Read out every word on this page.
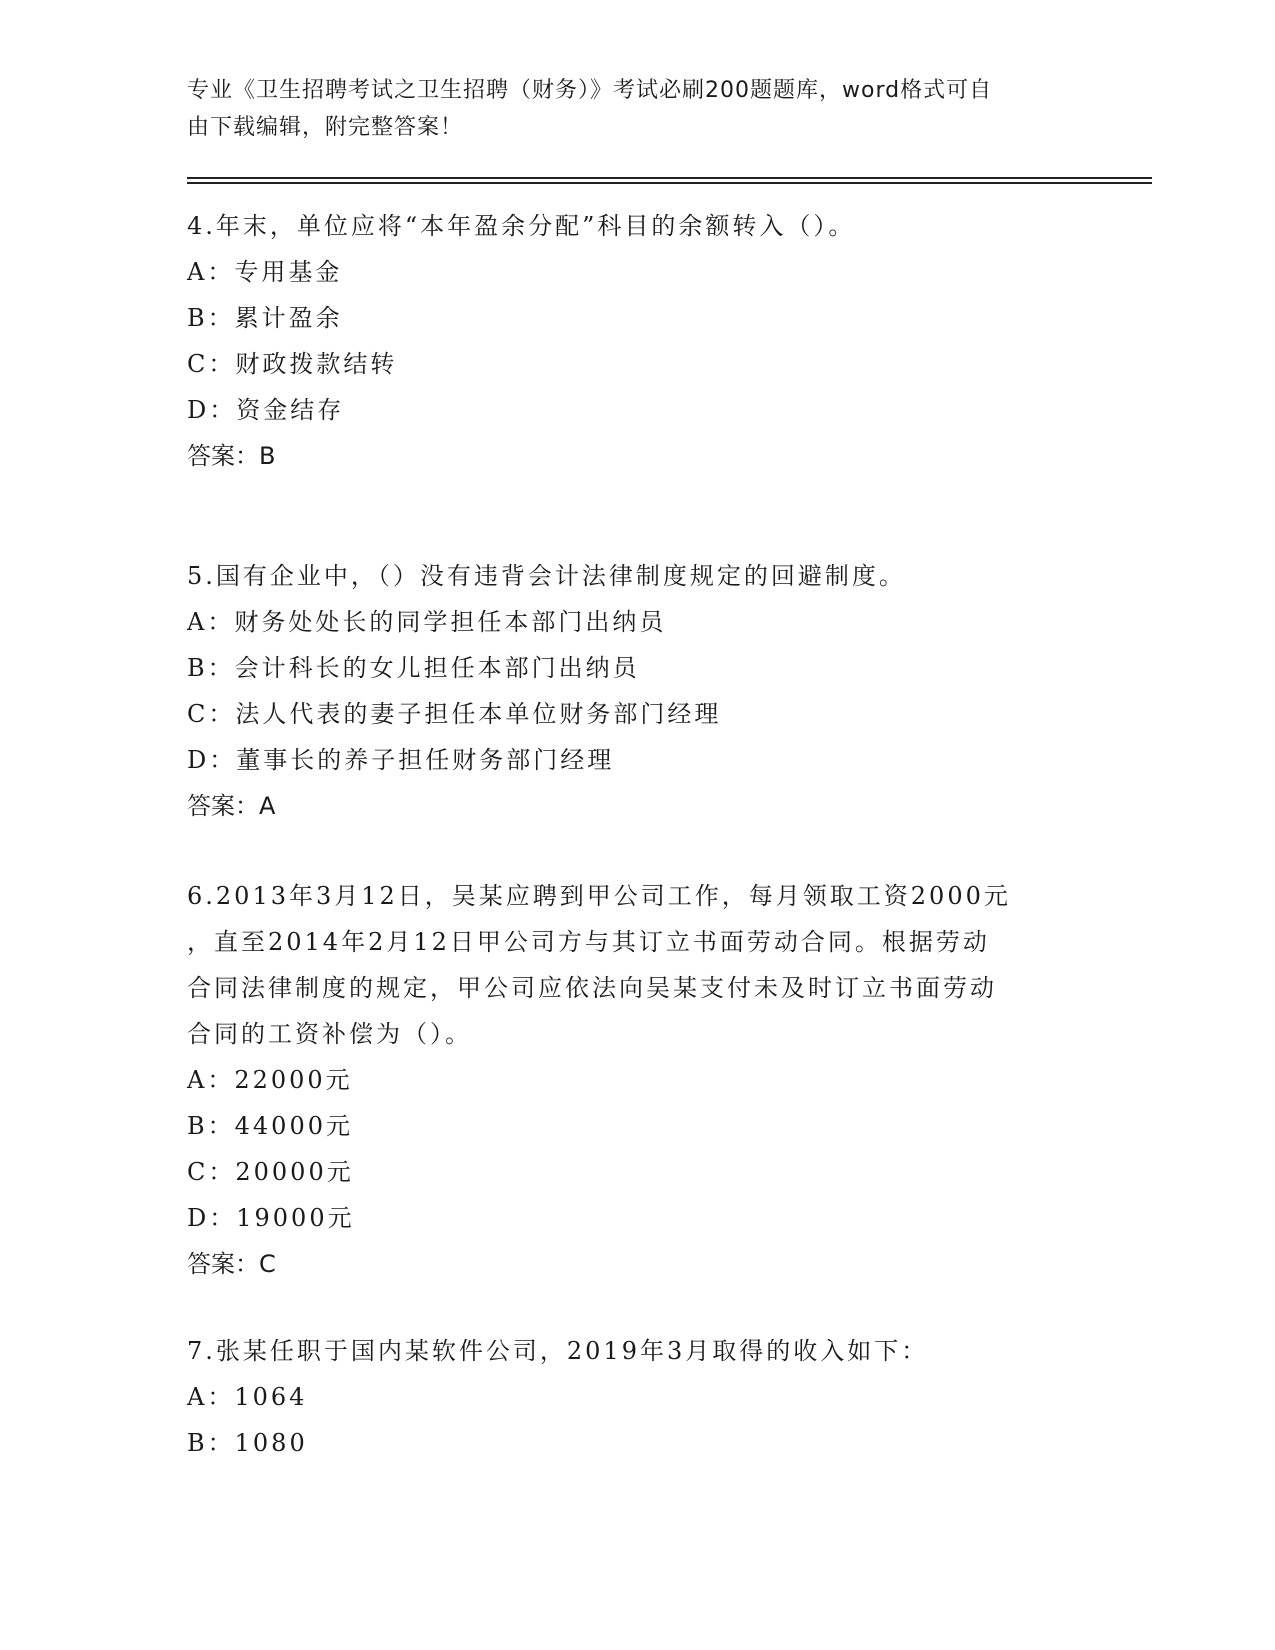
专业《卫生招聘考试之卫生招聘（财务）》考试必刷200题题库，word格式可自
由下载编辑，附完整答案！

4.年末，单位应将“本年盈余分配”科目的余额转入（）。

A：专用基金

B：累计盈余

C：财政拨款结转

D：资金结存

答案：B

5.国有企业中，（）没有违背会计法律制度规定的回避制度。

A：财务处处长的同学担任本部门出纳员

B：会计科长的女儿担任本部门出纳员

C：法人代表的妻子担任本单位财务部门经理

D：董事长的养子担任财务部门经理

答案：A

6.2013年3月12日，吴某应聘到甲公司工作，每月领取工资2000元

，直至2014年2月12日甲公司方与其订立书面劳动合同。根据劳动

合同法律制度的规定，甲公司应依法向吴某支付未及时订立书面劳动

合同的工资补偿为（）。

A：22000元

B：44000元

C：20000元

D：19000元

答案：C

7.张某任职于国内某软件公司，2019年3月取得的收入如下：

A：1064

B：1080
